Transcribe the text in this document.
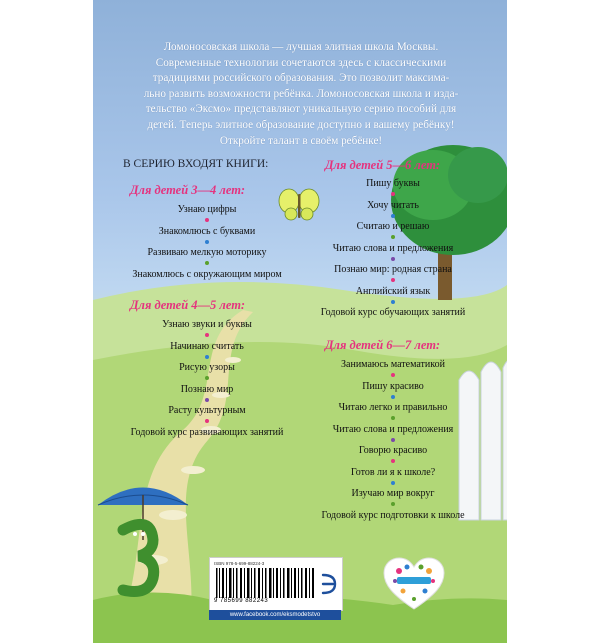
Ломоносовская школа — лучшая элитная школа Москвы.
Современные технологии сочетаются здесь с классическими
традициями российского образования. Это позволит максима-
льно развить возможности ребёнка. Ломоносовская школа и изда-
тельство «Эксмо» представляют уникальную серию пособий для
детей. Теперь элитное образование доступно и вашему ребёнку!
Откройте талант в своём ребёнке!
В СЕРИЮ ВХОДЯТ КНИГИ:
Для детей 3—4 лет:
Узнаю цифры
Знакомлюсь с буквами
Развиваю мелкую моторику
Знакомлюсь с окружающим миром
Для детей 4—5 лет:
Узнаю звуки и буквы
Начинаю считать
Рисую узоры
Познаю мир
Расту культурным
Годовой курс развивающих занятий
Для детей 5—6 лет:
Пишу буквы
Хочу читать
Считаю и решаю
Читаю слова и предложения
Познаю мир: родная страна
Английский язык
Годовой курс обучающих занятий
Для детей 6—7 лет:
Занимаюсь математикой
Пишу красиво
Читаю легко и правильно
Читаю слова и предложения
Говорю красиво
Готов ли я к школе?
Изучаю мир вокруг
Годовой курс подготовки к школе
ISBN 978-5-699-88224-3
9 785699 882243
www.facebook.com/eksmodetstvo
